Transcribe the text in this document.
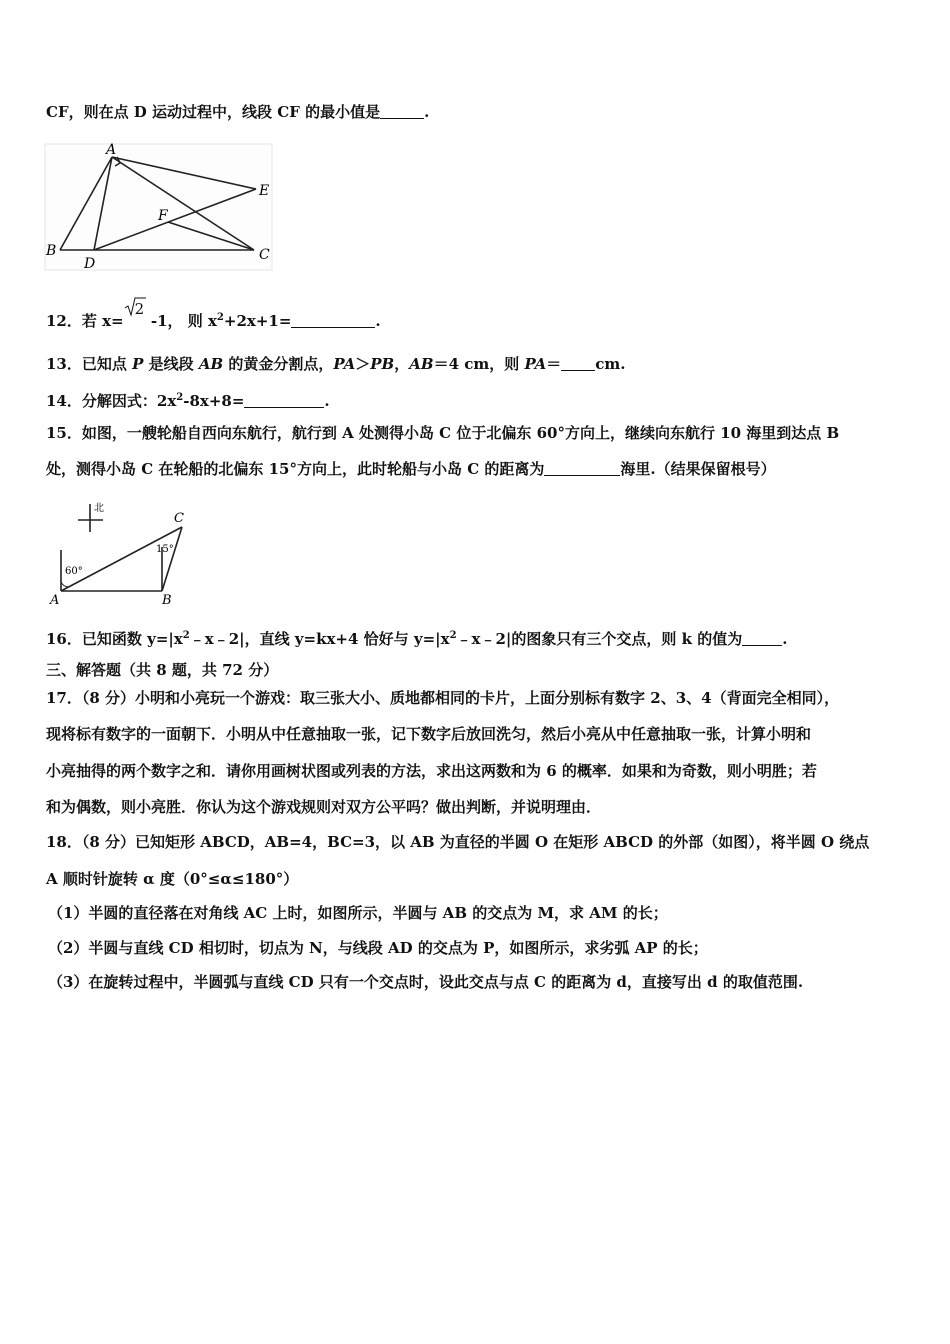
CF，则在点 D 运动过程中，线段 CF 的最小值是	.
A
B	C
D
E
F
12．若 x=
2
-1， 则 $x^2+2x+1=$	.
13．已知点 P 是线段 AB 的黄金分割点，PA＞PB，AB＝4 cm，则 PA＝ cm.
14．分解因式：$2x^2-8x+8=$	.
15．如图，一艘轮船自西向东航行，航行到 A 处测得小岛 C 位于北偏东 60°方向上，继续向东航行 10 海里到达点 B
处，测得小岛 C 在轮船的北偏东 15°方向上，此时轮船与小岛 C 的距离为	海里.（结果保留根号）
北
A	B
C
60°
15°
16．已知函数 $y=|x^2﹣x﹣2|$，直线 y=kx+4 恰好与 $y=|x^2﹣x﹣2|$的图象只有三个交点，则 k 的值为	.
三、解答题（共 8 题，共 72 分）
17．（8 分）小明和小亮玩一个游戏：取三张大小、质地都相同的卡片，上面分别标有数字 2、3、4（背面完全相同），
现将标有数字的一面朝下．小明从中任意抽取一张，记下数字后放回洗匀，然后小亮从中任意抽取一张，计算小明和
小亮抽得的两个数字之和．请你用画树状图或列表的方法，求出这两数和为 6 的概率．如果和为奇数，则小明胜；若
和为偶数，则小亮胜．你认为这个游戏规则对双方公平吗？做出判断，并说明理由．
18．（8 分）已知矩形 ABCD，AB=4，BC=3，以 AB 为直径的半圆 O 在矩形 ABCD 的外部（如图），将半圆 O 绕点
A 顺时针旋转 α 度（0°≤α≤180°）
（1）半圆的直径落在对角线 AC 上时，如图所示，半圆与 AB 的交点为 M，求 AM 的长；
（2）半圆与直线 CD 相切时，切点为 N，与线段 AD 的交点为 P，如图所示，求劣弧 AP 的长；
（3）在旋转过程中，半圆弧与直线 CD 只有一个交点时，设此交点与点 C 的距离为 d，直接写出 d 的取值范围.
